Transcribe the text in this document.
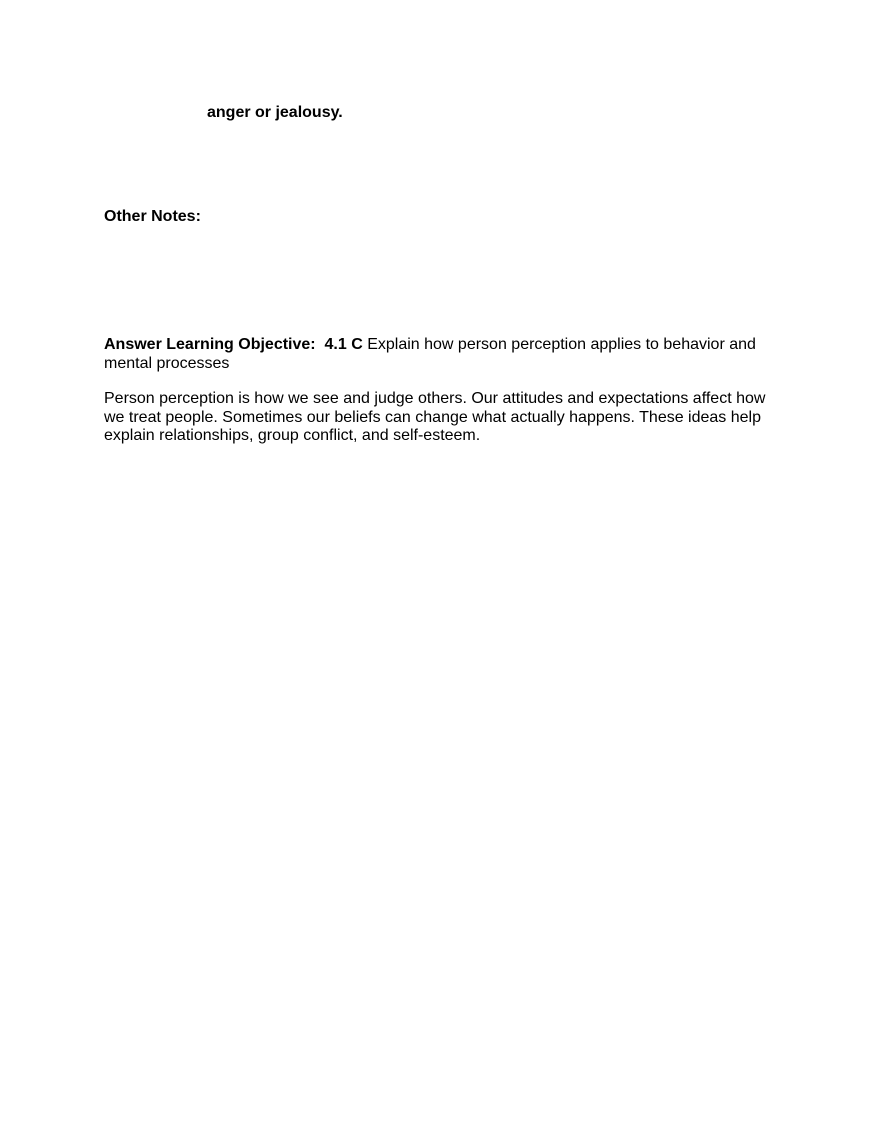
anger or jealousy.

Other Notes:

Answer Learning Objective: 4.1 C Explain how person perception applies to behavior and mental processes

Person perception is how we see and judge others. Our attitudes and expectations affect how we treat people. Sometimes our beliefs can change what actually happens. These ideas help explain relationships, group conflict, and self-esteem.
